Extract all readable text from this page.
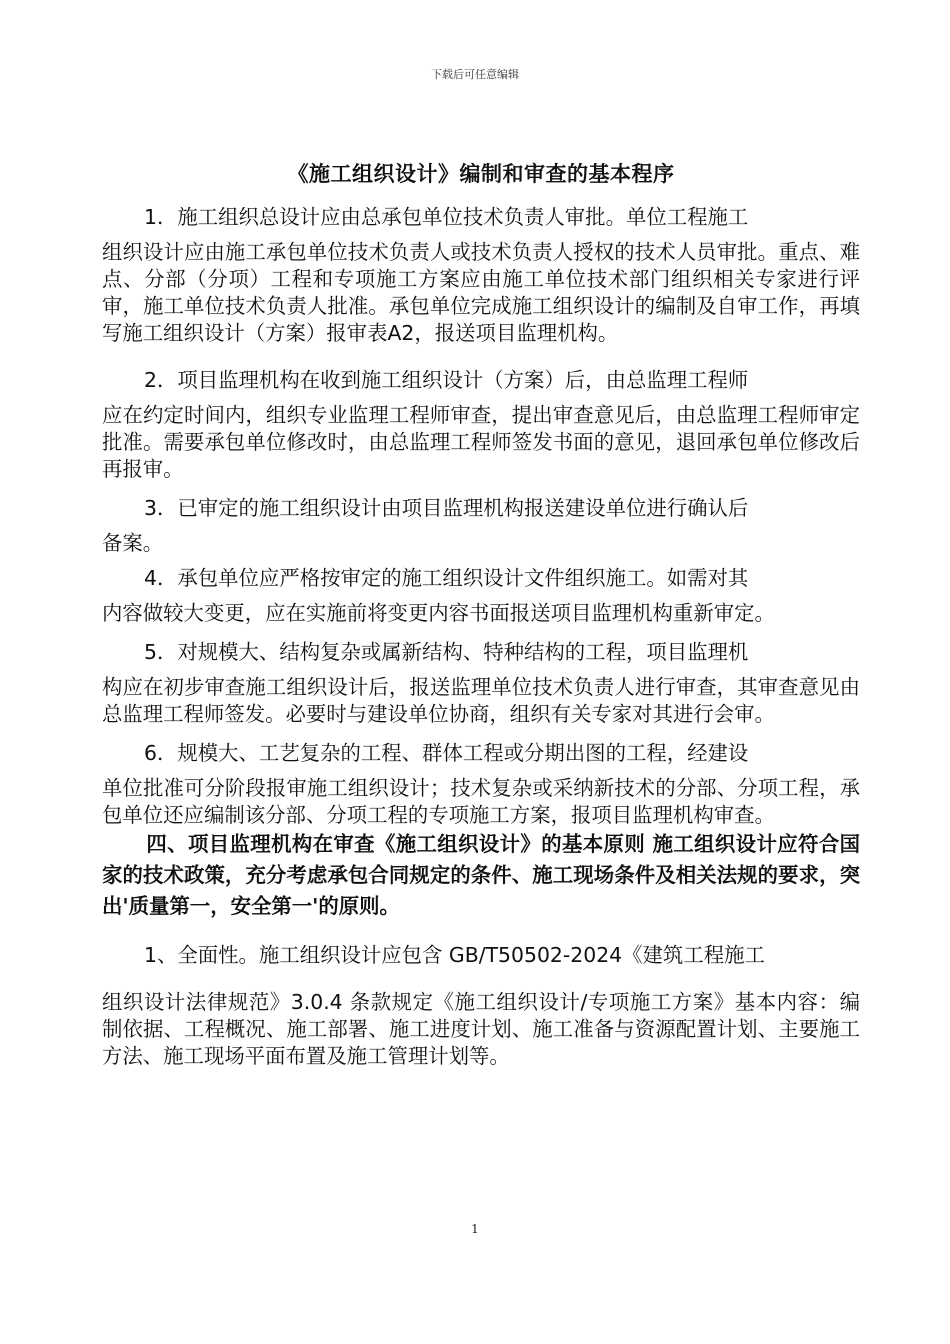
下载后可任意编辑
《施工组织设计》编制和审查的基本程序

1．施工组织总设计应由总承包单位技术负责人审批。单位工程施工
组织设计应由施工承包单位技术负责人或技术负责人授权的技术人员审批。重点、难点、分部（分项）工程和专项施工方案应由施工单位技术部门组织相关专家进行评审，施工单位技术负责人批准。承包单位完成施工组织设计的编制及自审工作，再填写施工组织设计（方案）报审表A2，报送项目监理机构。

2．项目监理机构在收到施工组织设计（方案）后，由总监理工程师
应在约定时间内，组织专业监理工程师审查，提出审查意见后，由总监理工程师审定批准。需要承包单位修改时，由总监理工程师签发书面的意见，退回承包单位修改后再报审。

3．已审定的施工组织设计由项目监理机构报送建设单位进行确认后
备案。

4．承包单位应严格按审定的施工组织设计文件组织施工。如需对其
内容做较大变更，应在实施前将变更内容书面报送项目监理机构重新审定。

5．对规模大、结构复杂或属新结构、特种结构的工程，项目监理机
构应在初步审查施工组织设计后，报送监理单位技术负责人进行审查，其审查意见由总监理工程师签发。必要时与建设单位协商，组织有关专家对其进行会审。

6．规模大、工艺复杂的工程、群体工程或分期出图的工程，经建设
单位批准可分阶段报审施工组织设计；技术复杂或采纳新技术的分部、分项工程，承包单位还应编制该分部、分项工程的专项施工方案，报项目监理机构审查。

四、项目监理机构在审查《施工组织设计》的基本原则 施工组织设计应符合国家的技术政策，充分考虑承包合同规定的条件、施工现场条件及相关法规的要求，突出'质量第一，安全第一'的原则。

1、全面性。施工组织设计应包含 GB/T50502-2024《建筑工程施工
组织设计法律规范》3.0.4 条款规定《施工组织设计/专项施工方案》基本内容：编制依据、工程概况、施工部署、施工进度计划、施工准备与资源配置计划、主要施工方法、施工现场平面布置及施工管理计划等。

1
